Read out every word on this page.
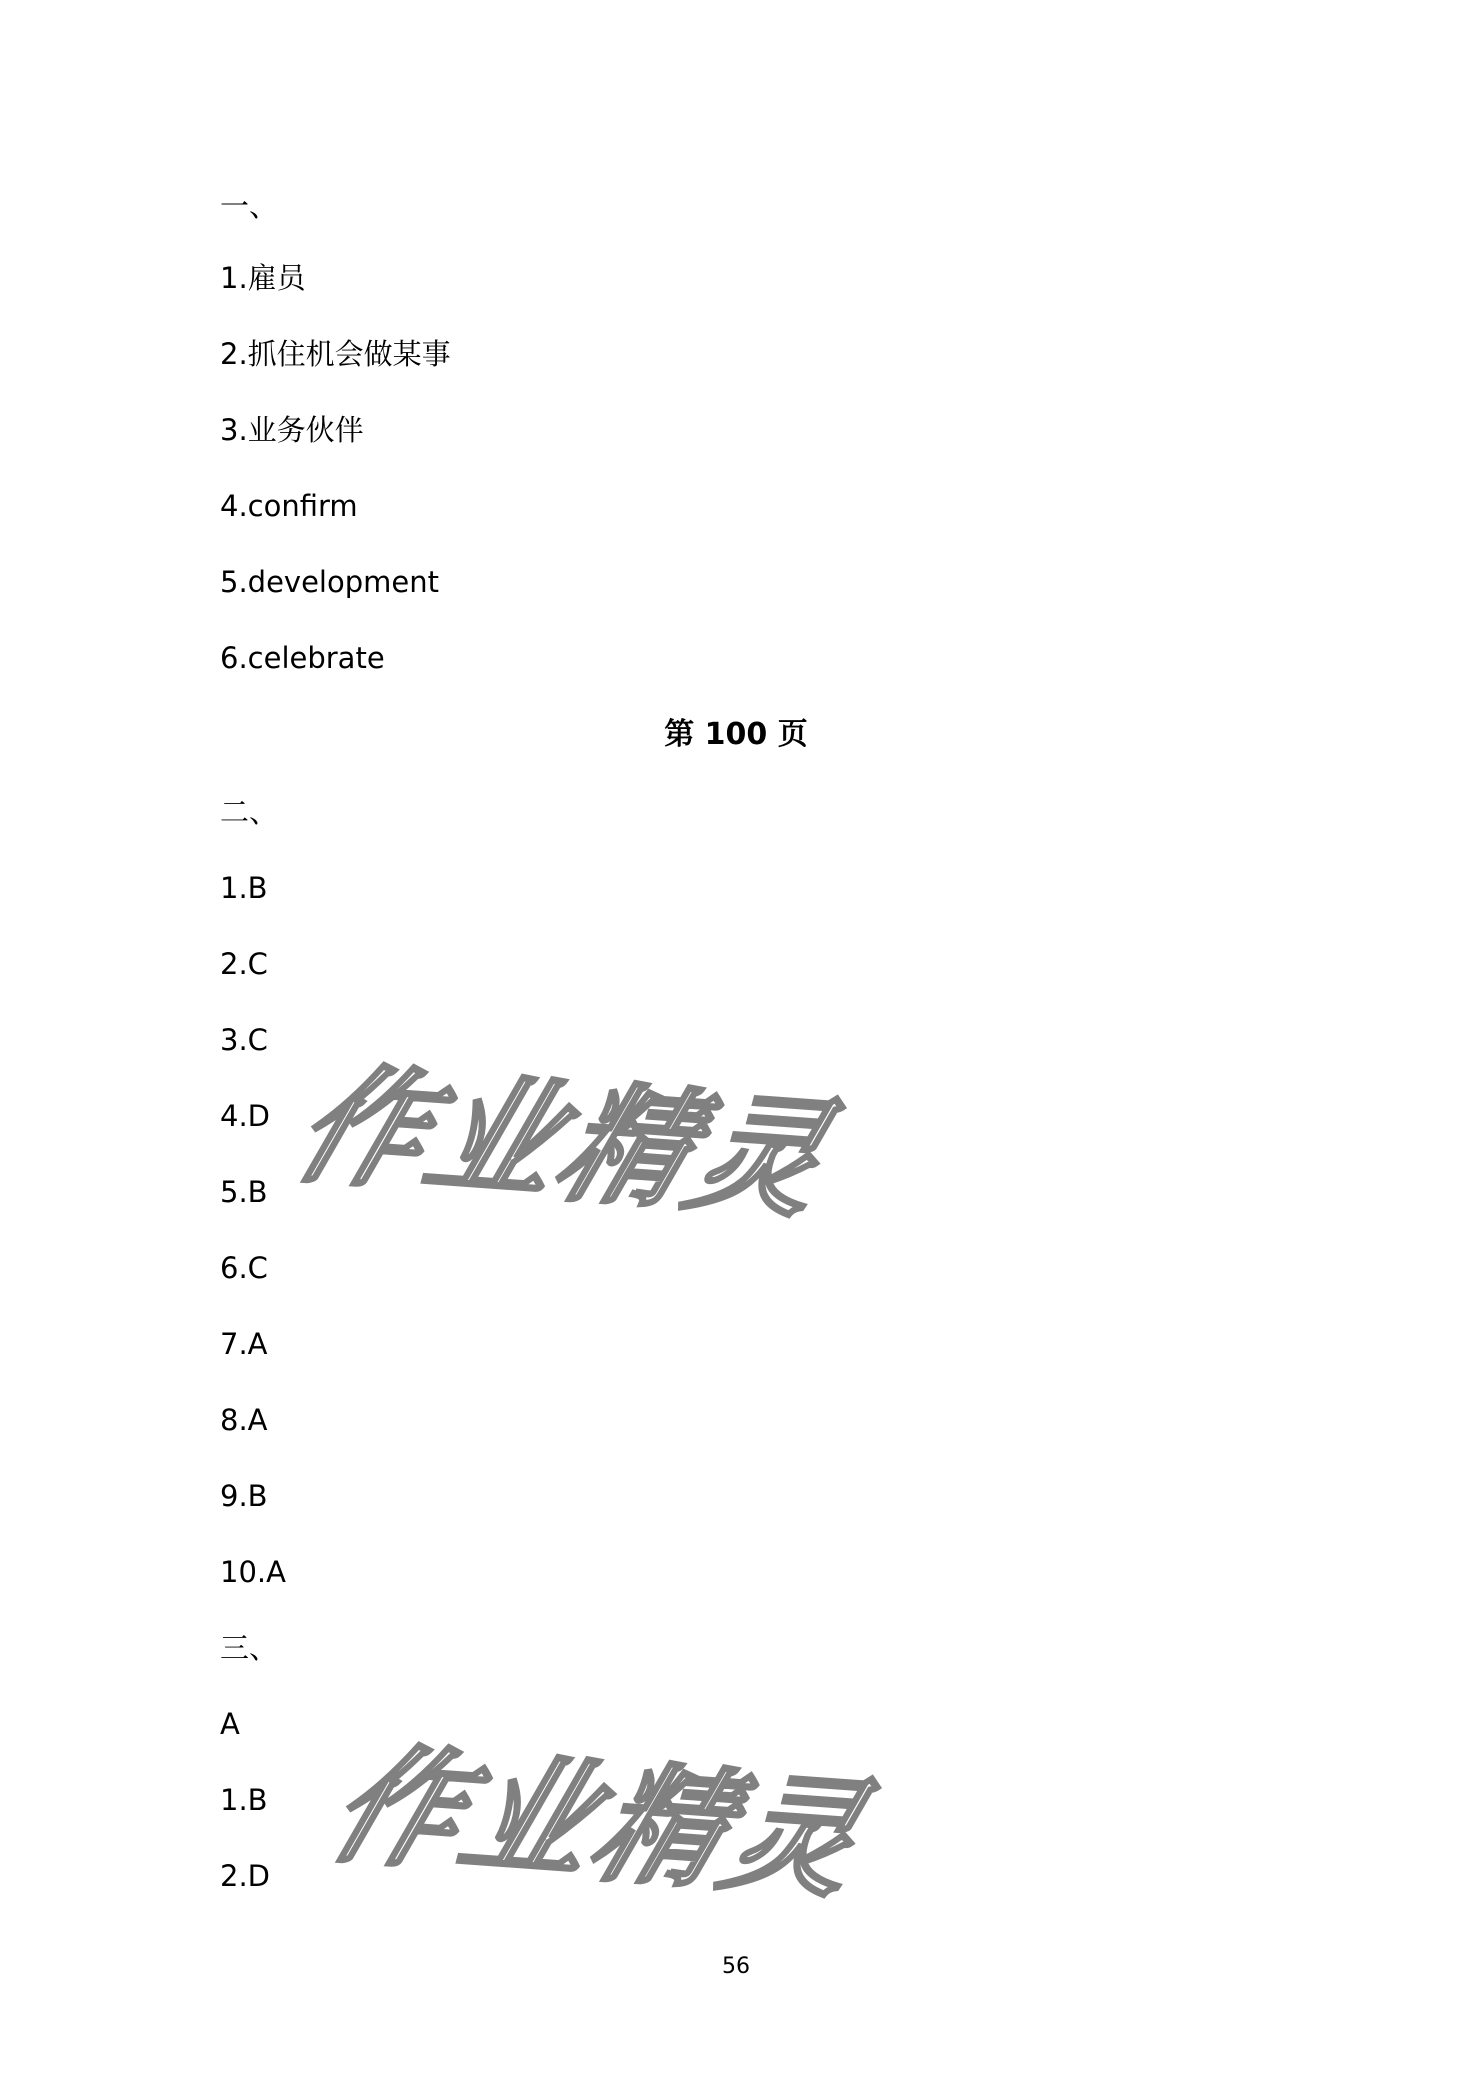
一、
1.雇员
2.抓住机会做某事
3.业务伙伴
4.confirm
5.development
6.celebrate
第 100 页
二、
1.B
2.C
3.C
4.D
5.B
6.C
7.A
8.A
9.B
10.A
三、
A
1.B
2.D
作业精灵
作业精灵
56
